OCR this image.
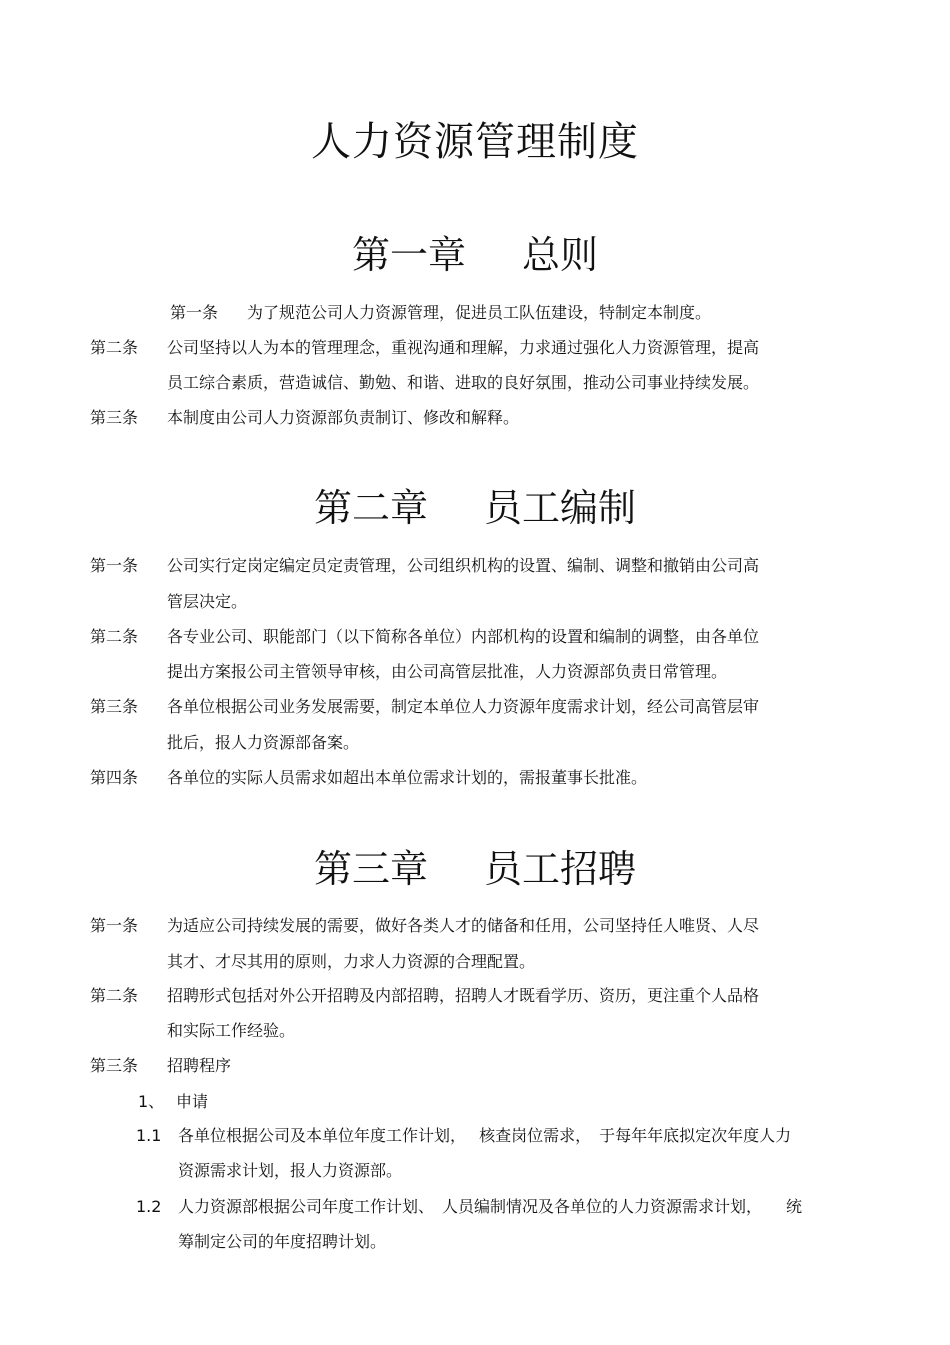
人力资源管理制度
第一章 总则
第一条 为了规范公司人力资源管理，促进员工队伍建设，特制定本制度。
第二条 公司坚持以人为本的管理理念，重视沟通和理解，力求通过强化人力资源管理，提高
员工综合素质，营造诚信、勤勉、和谐、进取的良好氛围，推动公司事业持续发展。
第三条 本制度由公司人力资源部负责制订、修改和解释。
第二章 员工编制
第一条 公司实行定岗定编定员定责管理，公司组织机构的设置、编制、调整和撤销由公司高
管层决定。
第二条 各专业公司、职能部门（以下简称各单位）内部机构的设置和编制的调整，由各单位
提出方案报公司主管领导审核，由公司高管层批准，人力资源部负责日常管理。
第三条 各单位根据公司业务发展需要，制定本单位人力资源年度需求计划，经公司高管层审
批后，报人力资源部备案。
第四条 各单位的实际人员需求如超出本单位需求计划的，需报董事长批准。
第三章 员工招聘
第一条 为适应公司持续发展的需要，做好各类人才的储备和任用，公司坚持任人唯贤、人尽
其才、才尽其用的原则，力求人力资源的合理配置。
第二条 招聘形式包括对外公开招聘及内部招聘，招聘人才既看学历、资历，更注重个人品格
和实际工作经验。
第三条 招聘程序
1、 申请
1.1 各单位根据公司及本单位年度工作计划，　 核查岗位需求，　于每年年底拟定次年度人力
资源需求计划，报人力资源部。
1.2 人力资源部根据公司年度工作计划、　人员编制情况及各单位的人力资源需求计划，　　统
筹制定公司的年度招聘计划。
